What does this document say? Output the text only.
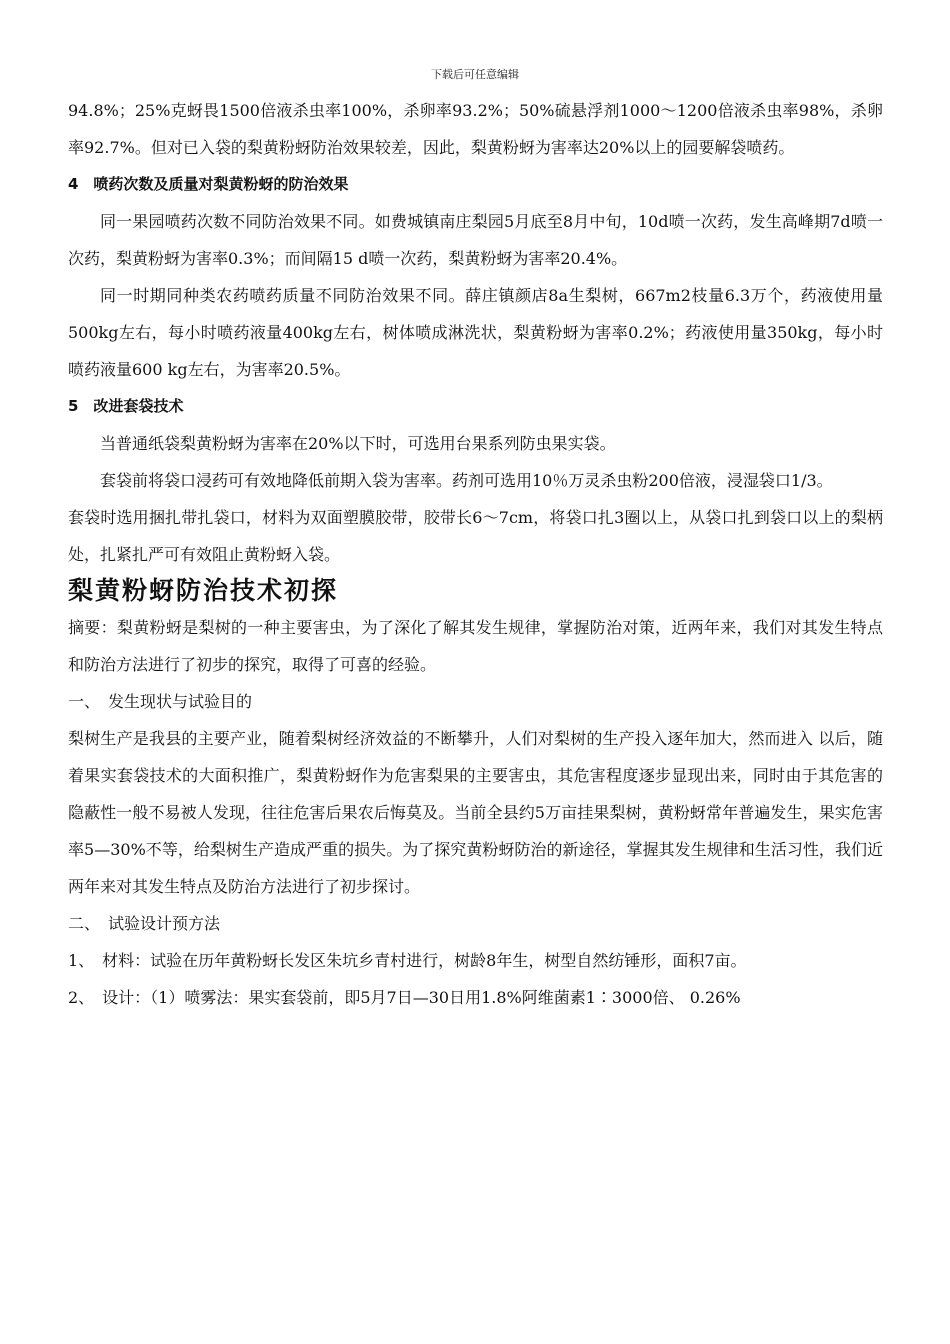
下载后可任意编辑

94.8%；25%克蚜畏1500倍液杀虫率100%，杀卵率93.2%；50%硫悬浮剂1000～1200倍液杀虫率98%，杀卵率92.7%。但对已入袋的梨黄粉蚜防治效果较差，因此，梨黄粉蚜为害率达20%以上的园要解袋喷药。

4　喷药次数及质量对梨黄粉蚜的防治效果

同一果园喷药次数不同防治效果不同。如费城镇南庄梨园5月底至8月中旬，10d喷一次药，发生高峰期7d喷一次药，梨黄粉蚜为害率0.3%；而间隔15 d喷一次药，梨黄粉蚜为害率20.4%。

同一时期同种类农药喷药质量不同防治效果不同。薛庄镇颜店8a生梨树，667m2枝量6.3万个，药液使用量500kg左右，每小时喷药液量400kg左右，树体喷成淋洗状，梨黄粉蚜为害率0.2%；药液使用量350kg，每小时喷药液量600 kg左右，为害率20.5%。

5　改进套袋技术

当普通纸袋梨黄粉蚜为害率在20%以下时，可选用台果系列防虫果实袋。

套袋前将袋口浸药可有效地降低前期入袋为害率。药剂可选用10％万灵杀虫粉200倍液，浸湿袋口1/3。

套袋时选用捆扎带扎袋口，材料为双面塑膜胶带，胶带长6～7cm，将袋口扎3圈以上，从袋口扎到袋口以上的梨柄处，扎紧扎严可有效阻止黄粉蚜入袋。

梨黄粉蚜防治技术初探

摘要：梨黄粉蚜是梨树的一种主要害虫，为了深化了解其发生规律，掌握防治对策，近两年来，我们对其发生特点和防治方法进行了初步的探究，取得了可喜的经验。

一、　发生现状与试验目的

梨树生产是我县的主要产业，随着梨树经济效益的不断攀升，人们对梨树的生产投入逐年加大，然而进入 以后，随着果实套袋技术的大面积推广，梨黄粉蚜作为危害梨果的主要害虫，其危害程度逐步显现出来，同时由于其危害的隐蔽性一般不易被人发现，往往危害后果农后悔莫及。当前全县约5万亩挂果梨树，黄粉蚜常年普遍发生，果实危害率5—30%不等，给梨树生产造成严重的损失。为了探究黄粉蚜防治的新途径，掌握其发生规律和生活习性，我们近两年来对其发生特点及防治方法进行了初步探讨。

二、　试验设计预方法

1、　材料：试验在历年黄粉蚜长发区朱坑乡青村进行，树龄8年生，树型自然纺锤形，面积7亩。

2、　设计：（1）喷雾法：果实套袋前，即5月7日—30日用1.8%阿维菌素1∶3000倍、 0.26%
